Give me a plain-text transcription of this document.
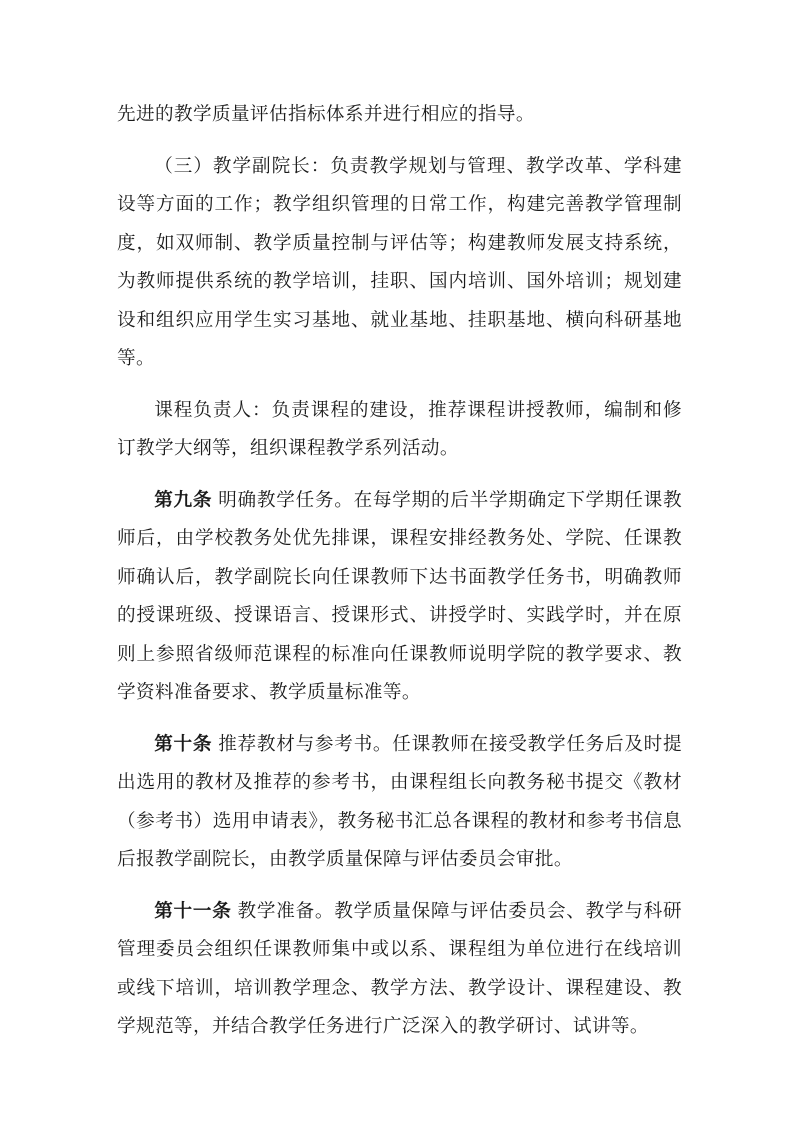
先进的教学质量评估指标体系并进行相应的指导。

（三）教学副院长：负责教学规划与管理、教学改革、学科建设等方面的工作；教学组织管理的日常工作，构建完善教学管理制度，如双师制、教学质量控制与评估等；构建教师发展支持系统，为教师提供系统的教学培训，挂职、国内培训、国外培训；规划建设和组织应用学生实习基地、就业基地、挂职基地、横向科研基地等。

课程负责人：负责课程的建设，推荐课程讲授教师，编制和修订教学大纲等，组织课程教学系列活动。

第九条 明确教学任务。在每学期的后半学期确定下学期任课教师后，由学校教务处优先排课，课程安排经教务处、学院、任课教师确认后，教学副院长向任课教师下达书面教学任务书，明确教师的授课班级、授课语言、授课形式、讲授学时、实践学时，并在原则上参照省级师范课程的标准向任课教师说明学院的教学要求、教学资料准备要求、教学质量标准等。

第十条 推荐教材与参考书。任课教师在接受教学任务后及时提出选用的教材及推荐的参考书，由课程组长向教务秘书提交《教材（参考书）选用申请表》，教务秘书汇总各课程的教材和参考书信息后报教学副院长，由教学质量保障与评估委员会审批。

第十一条 教学准备。教学质量保障与评估委员会、教学与科研管理委员会组织任课教师集中或以系、课程组为单位进行在线培训或线下培训，培训教学理念、教学方法、教学设计、课程建设、教学规范等，并结合教学任务进行广泛深入的教学研讨、试讲等。
